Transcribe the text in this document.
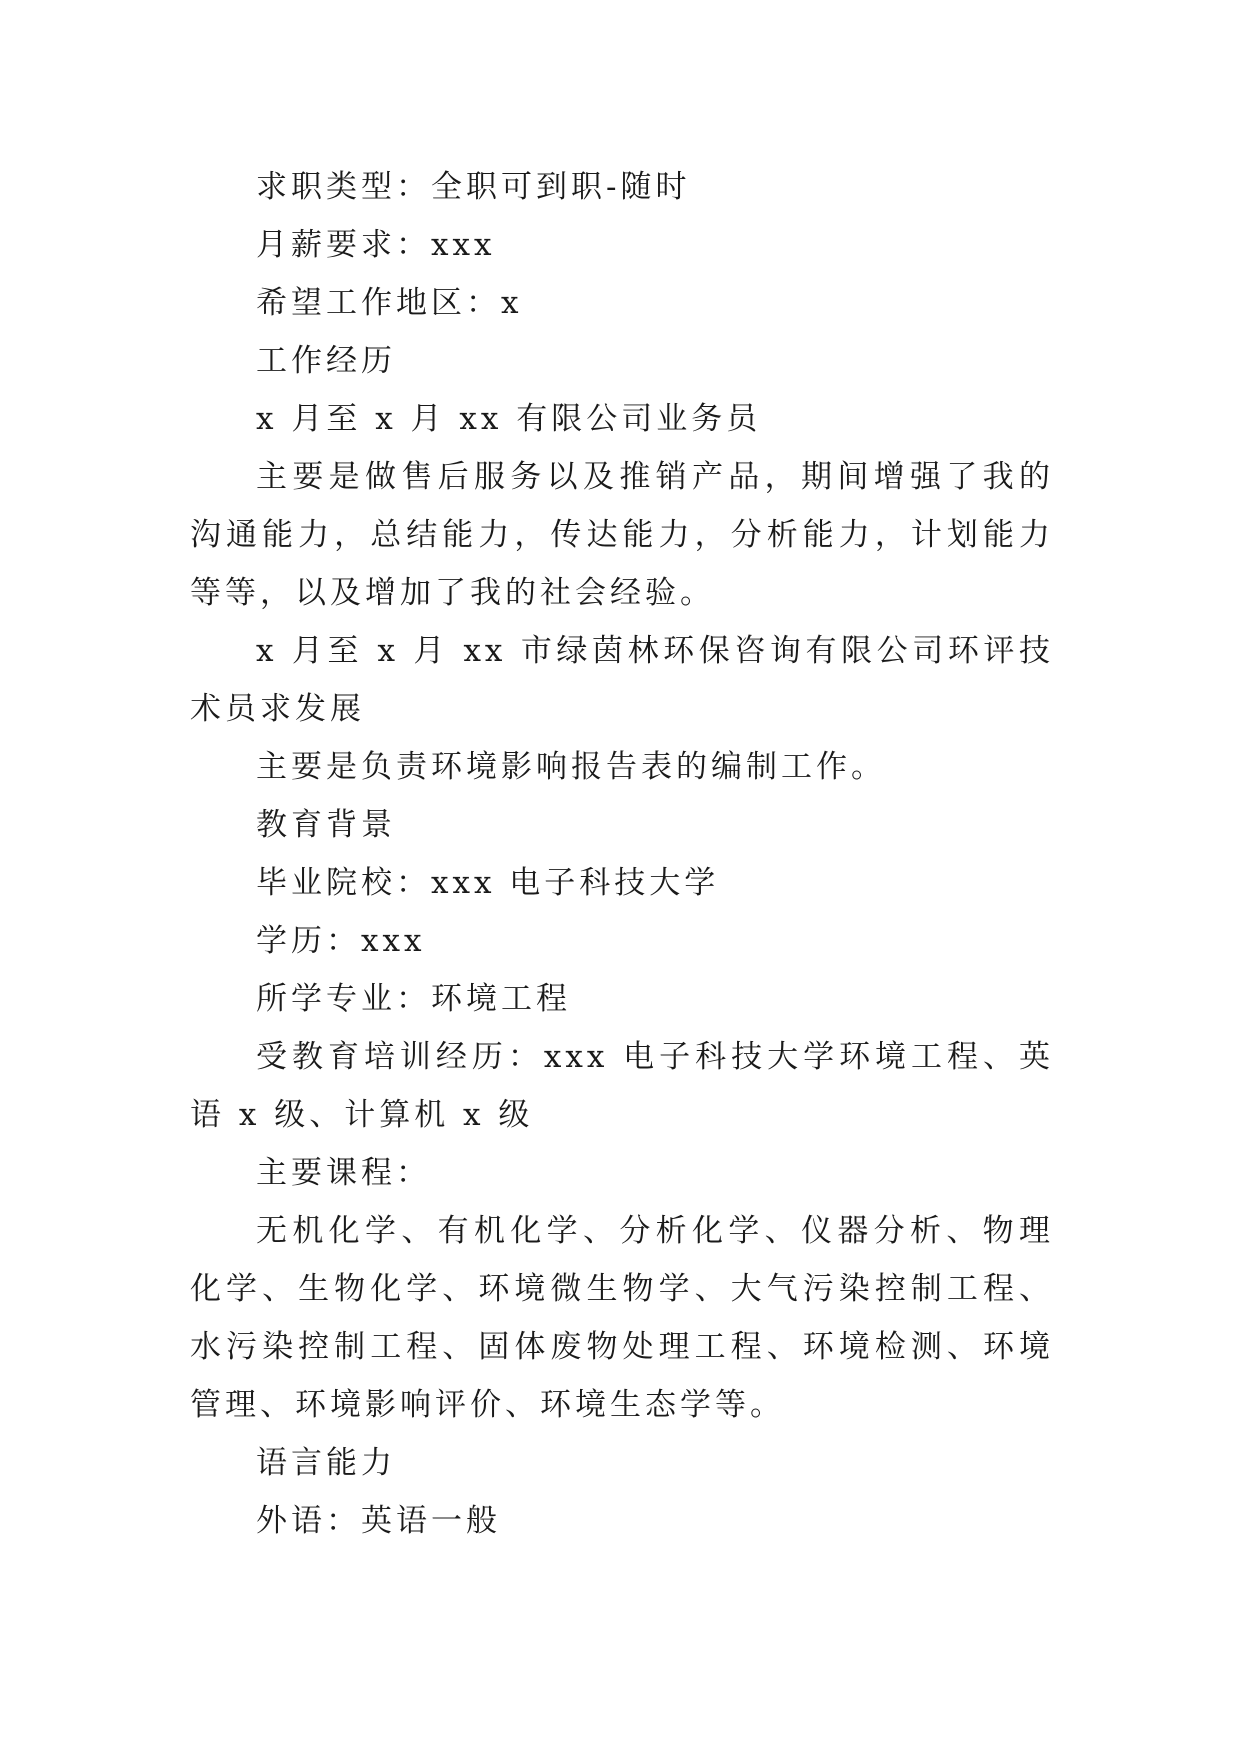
求职类型：全职可到职-随时

月薪要求：xxx

希望工作地区：x

工作经历

x 月至 x 月 xx 有限公司业务员

主要是做售后服务以及推销产品，期间增强了我的沟通能力，总结能力，传达能力，分析能力，计划能力等等，以及增加了我的社会经验。

x 月至 x 月 xx 市绿茵林环保咨询有限公司环评技术员求发展

主要是负责环境影响报告表的编制工作。

教育背景

毕业院校：xxx 电子科技大学

学历：xxx

所学专业：环境工程

受教育培训经历：xxx 电子科技大学环境工程、英语 x 级、计算机 x 级

主要课程：

无机化学、有机化学、分析化学、仪器分析、物理化学、生物化学、环境微生物学、大气污染控制工程、水污染控制工程、固体废物处理工程、环境检测、环境管理、环境影响评价、环境生态学等。

语言能力

外语：英语一般
